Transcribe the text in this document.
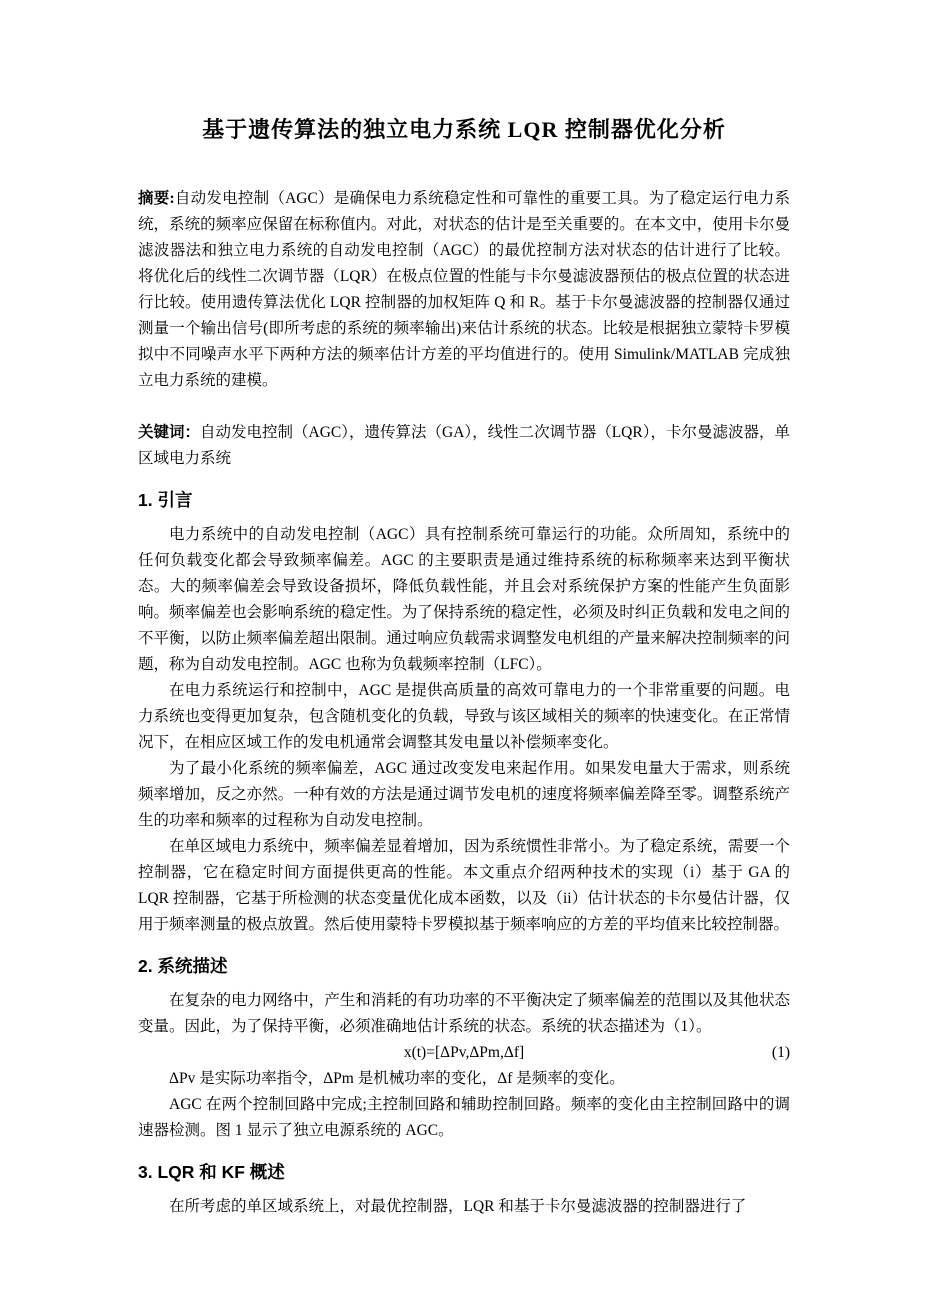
基于遗传算法的独立电力系统 LQR 控制器优化分析

摘要:自动发电控制（AGC）是确保电力系统稳定性和可靠性的重要工具。为了稳定运行电力系统，系统的频率应保留在标称值内。对此，对状态的估计是至关重要的。在本文中，使用卡尔曼滤波器法和独立电力系统的自动发电控制（AGC）的最优控制方法对状态的估计进行了比较。将优化后的线性二次调节器（LQR）在极点位置的性能与卡尔曼滤波器预估的极点位置的状态进行比较。使用遗传算法优化 LQR 控制器的加权矩阵 Q 和 R。基于卡尔曼滤波器的控制器仅通过测量一个输出信号(即所考虑的系统的频率输出)来估计系统的状态。比较是根据独立蒙特卡罗模拟中不同噪声水平下两种方法的频率估计方差的平均值进行的。使用 Simulink/MATLAB 完成独立电力系统的建模。

关键词：自动发电控制（AGC），遗传算法（GA），线性二次调节器（LQR），卡尔曼滤波器，单区域电力系统

1. 引言

电力系统中的自动发电控制（AGC）具有控制系统可靠运行的功能。众所周知，系统中的任何负载变化都会导致频率偏差。AGC 的主要职责是通过维持系统的标称频率来达到平衡状态。大的频率偏差会导致设备损坏，降低负载性能，并且会对系统保护方案的性能产生负面影响。频率偏差也会影响系统的稳定性。为了保持系统的稳定性，必须及时纠正负载和发电之间的不平衡，以防止频率偏差超出限制。通过响应负载需求调整发电机组的产量来解决控制频率的问题，称为自动发电控制。AGC 也称为负载频率控制（LFC）。

在电力系统运行和控制中，AGC 是提供高质量的高效可靠电力的一个非常重要的问题。电力系统也变得更加复杂，包含随机变化的负载，导致与该区域相关的频率的快速变化。在正常情况下，在相应区域工作的发电机通常会调整其发电量以补偿频率变化。

为了最小化系统的频率偏差，AGC 通过改变发电来起作用。如果发电量大于需求，则系统频率增加，反之亦然。一种有效的方法是通过调节发电机的速度将频率偏差降至零。调整系统产生的功率和频率的过程称为自动发电控制。

在单区域电力系统中，频率偏差显着增加，因为系统惯性非常小。为了稳定系统，需要一个控制器，它在稳定时间方面提供更高的性能。本文重点介绍两种技术的实现（i）基于 GA 的 LQR 控制器，它基于所检测的状态变量优化成本函数，以及（ii）估计状态的卡尔曼估计器，仅用于频率测量的极点放置。然后使用蒙特卡罗模拟基于频率响应的方差的平均值来比较控制器。

2. 系统描述

在复杂的电力网络中，产生和消耗的有功功率的不平衡决定了频率偏差的范围以及其他状态变量。因此，为了保持平衡，必须准确地估计系统的状态。系统的状态描述为（1）。

x(t)=[ΔPv,ΔPm,Δf]	(1)

ΔPv 是实际功率指令，ΔPm 是机械功率的变化，Δf 是频率的变化。

AGC 在两个控制回路中完成;主控制回路和辅助控制回路。频率的变化由主控制回路中的调速器检测。图 1 显示了独立电源系统的 AGC。

3. LQR 和 KF 概述

在所考虑的单区域系统上，对最优控制器，LQR 和基于卡尔曼滤波器的控制器进行了
